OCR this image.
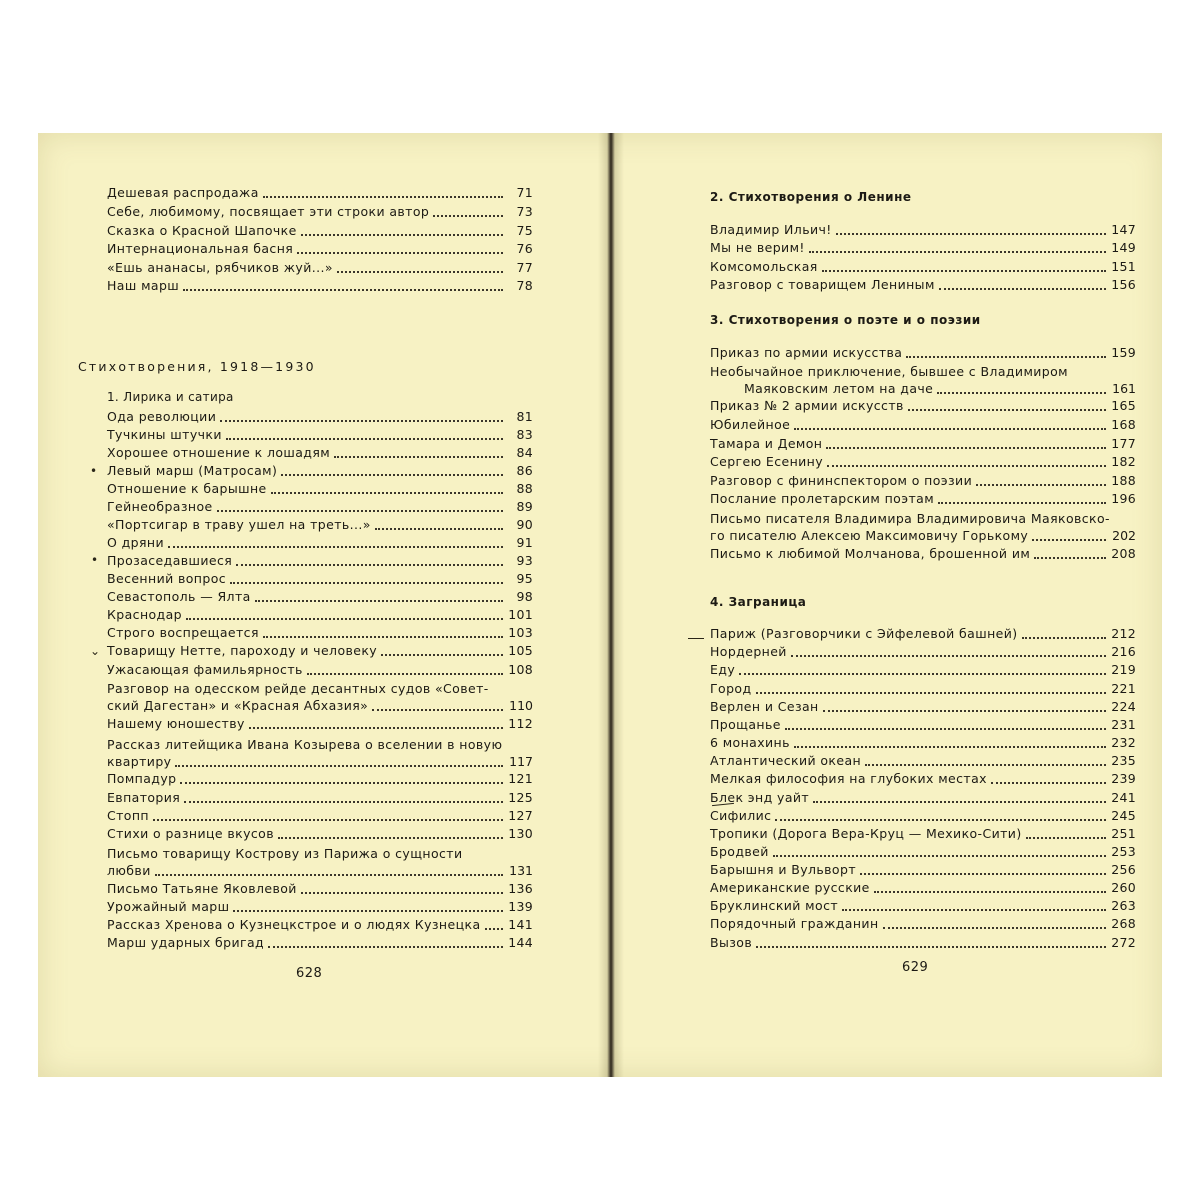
Дешевая распродажа	71
Себе, любимому, посвящает эти строки автор	73
Сказка о Красной Шапочке	75
Интернациональная басня	76
«Ешь ананасы, рябчиков жуй...»	77
Наш марш	78
Стихотворения, 1918—1930
1. Лирика и сатира
Ода революции	81
Тучкины штучки	83
Хорошее отношение к лошадям	84
Левый марш (Матросам)	86
Отношение к барышне	88
Гейнеобразное	89
«Портсигар в траву ушел на треть...»	90
О дряни	91
Прозаседавшиеся	93
Весенний вопрос	95
Севастополь — Ялта	98
Краснодар	101
Строго воспрещается	103
Товарищу Нетте, пароходу и человеку	105
Ужасающая фамильярность	108
Разговор на одесском рейде десантных судов «Совет-
ский Дагестан» и «Красная Абхазия»	110
Нашему юношеству	112
Рассказ литейщика Ивана Козырева о вселении в новую
квартиру	117
Помпадур	121
Евпатория	125
Стопп	127
Стихи о разнице вкусов	130
Письмо товарищу Кострову из Парижа о сущности
любви	131
Письмо Татьяне Яковлевой	136
Урожайный марш	139
Рассказ Хренова о Кузнецкстрое и о людях Кузнецка 141
Марш ударных бригад	144
628
•
•
⌄
2. Стихотворения о Ленине
Владимир Ильич!	147
Мы не верим!	149
Комсомольская	151
Разговор с товарищем Лениным	156
3. Стихотворения о поэте и о поэзии
Приказ по армии искусства	159
Необычайное приключение, бывшее с Владимиром
Маяковским летом на даче	161
Приказ № 2 армии искусств	165
Юбилейное	168
Тамара и Демон	177
Сергею Есенину	182
Разговор с фининспектором о поэзии	188
Послание пролетарским поэтам	196
Письмо писателя Владимира Владимировича Маяковско-
го писателю Алексею Максимовичу Горькому	202
Письмо к любимой Молчанова, брошенной им	208
4. Заграница
Париж (Разговорчики с Эйфелевой башней)	212
Нордерней	216
Еду	219
Город	221
Верлен и Сезан	224
Прощанье	231
6 монахинь	232
Атлантический океан	235
Мелкая философия на глубоких местах	239
Блек энд уайт	241
Сифилис	245
Тропики (Дорога Вера-Круц — Мехико-Сити)	251
Бродвей	253
Барышня и Вульворт	256
Американские русские	260
Бруклинский мост	263
Порядочный гражданин	268
Вызов	272
629
